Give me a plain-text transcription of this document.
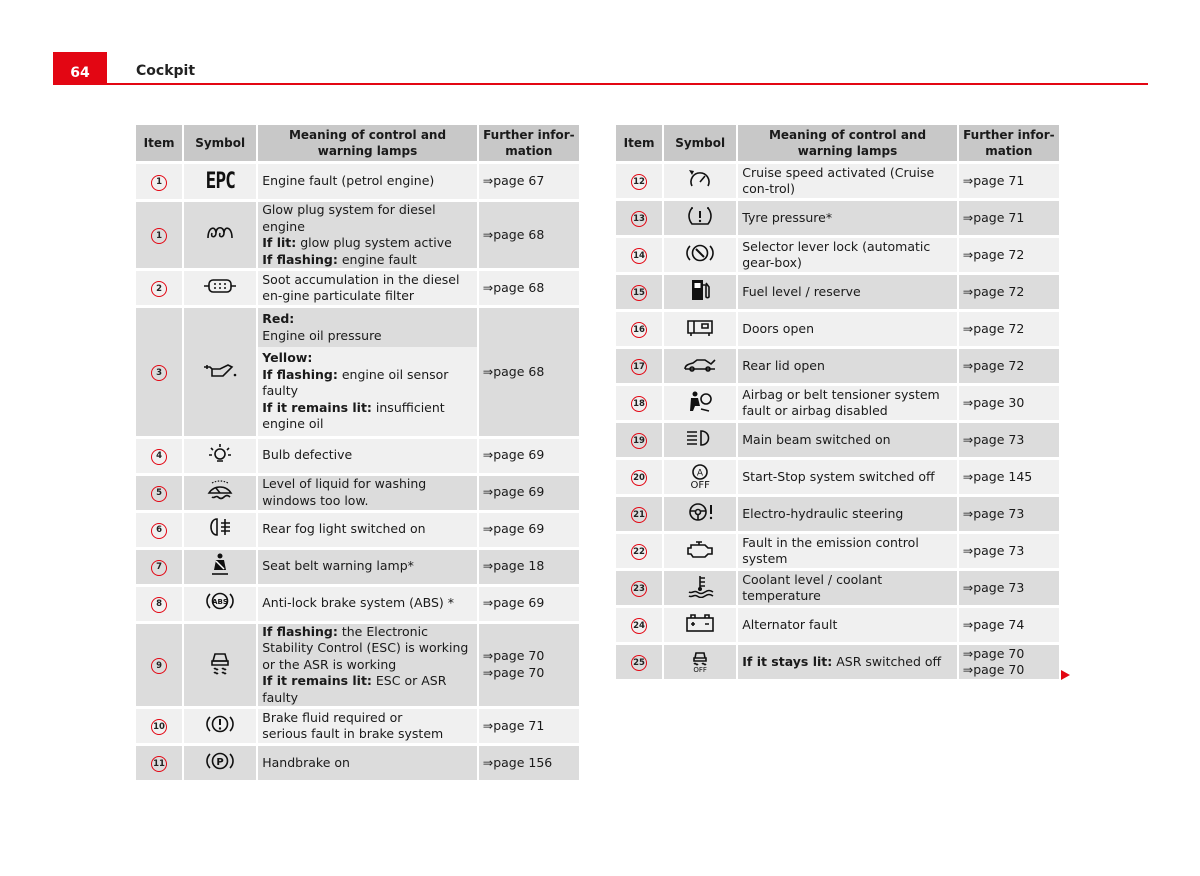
64	Cockpit
Item	Symbol	Meaning of control and warning lamps	Further infor-mation
1	EPC	Engine fault (petrol engine)	⇒page 67

1		Glow plug system for diesel engine
If lit: glow plug system active
If flashing: engine fault	⇒page 68

2		Soot accumulation in the diesel en-gine particulate filter	⇒page 68

3		Red:
Engine oil pressure
Yellow:
If flashing: engine oil sensor faulty
If it remains lit: insufficient engine oil	⇒page 68

4		Bulb defective	⇒page 69

5		Level of liquid for washing windows too low.	⇒page 69

6		Rear fog light switched on	⇒page 69

7		Seat belt warning lamp*	⇒page 18

8	ABS	Anti-lock brake system (ABS) *	⇒page 69

9		If flashing: the Electronic Stability Control (ESC) is working or the ASR is working
If it remains lit: ESC or ASR faulty	⇒page 70
⇒page 70

10		Brake fluid required or
serious fault in brake system	⇒page 71

11	P	Handbrake on	⇒page 156
Item	Symbol	Meaning of control and warning lamps	Further infor-mation
12		Cruise speed activated (Cruise con-trol)	⇒page 71

13		Tyre pressure*	⇒page 71

14		Selector lever lock (automatic gear-box)	⇒page 72

15		Fuel level / reserve	⇒page 72

16		Doors open	⇒page 72

17		Rear lid open	⇒page 72

18		Airbag or belt tensioner system fault or airbag disabled	⇒page 30

19		Main beam switched on	⇒page 73

20	A
OFF	Start-Stop system switched off	⇒page 145

21		Electro-hydraulic steering	⇒page 73

22		Fault in the emission control system	⇒page 73

23		Coolant level / coolant temperature	⇒page 73

24		Alternator fault	⇒page 74

25	OFF	If it stays lit: ASR switched off	⇒page 70
⇒page 70
